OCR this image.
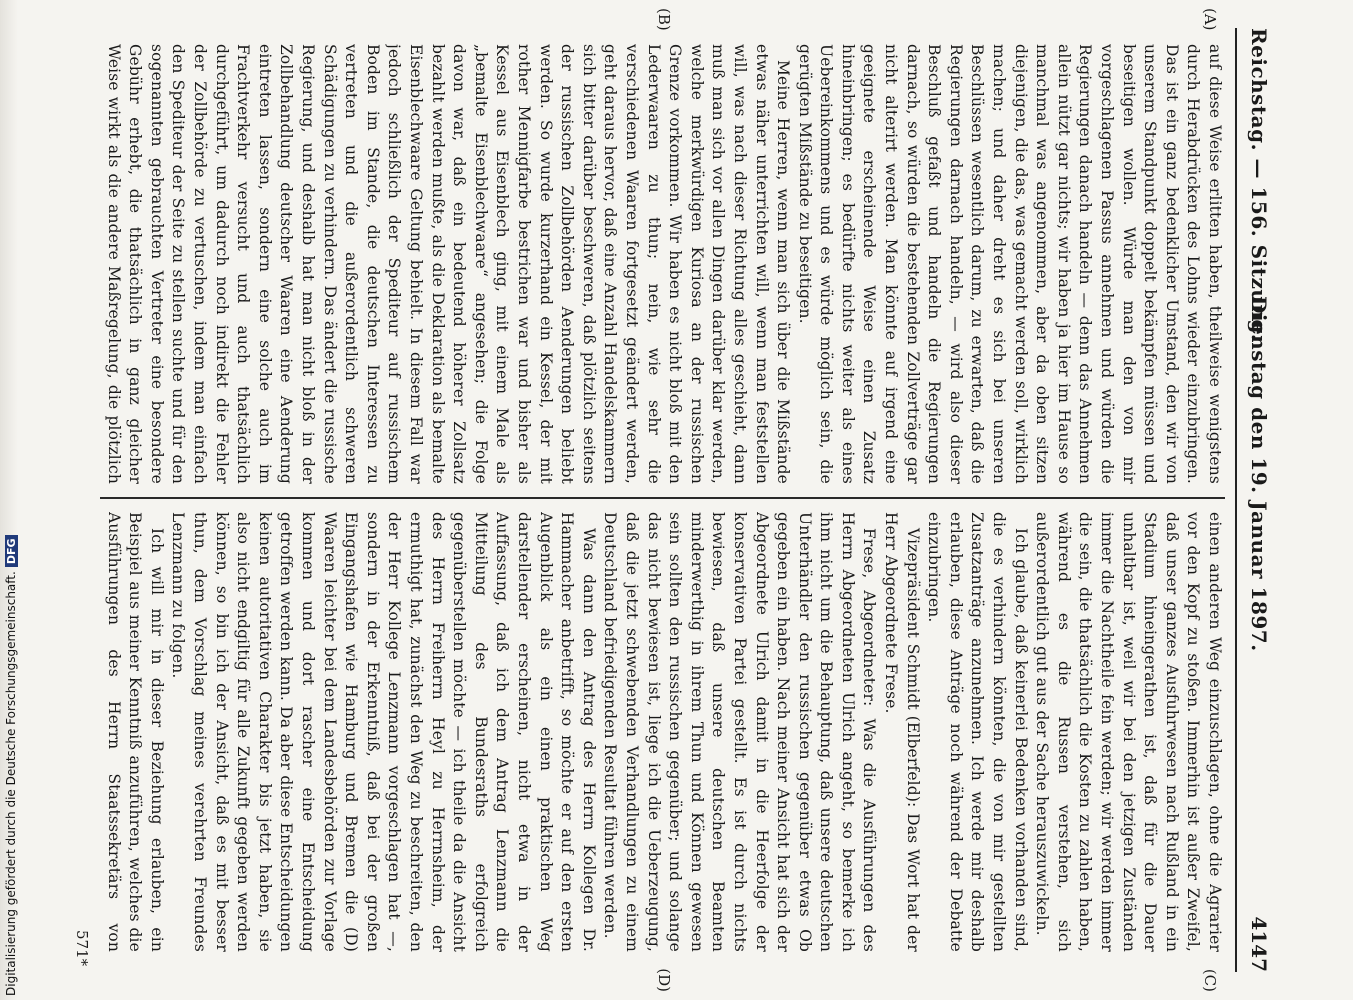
Reichstag. — 156. Sitzung.
Dienstag den 19. Januar 1897.
4147
(A)
(B)
(C)
(D)

auf diese Weise erlitten haben, theilweise wenigstens durch Herabdrücken des Lohns wieder einzubringen. Das ist ein ganz bedenklicher Umstand, den wir von unserem Standpunkt doppelt bekämpfen müssen und beseitigen wollen. Würde man den von mir vorgeschlagenen Passus annehmen und würden die Regierungen danach handeln — denn das Annehmen allein nützt gar nichts; wir haben ja hier im Hause so manchmal was angenommen, aber da oben sitzen diejenigen, die das, was gemacht werden soll, wirklich machen; und daher dreht es sich bei unseren Beschlüssen wesentlich darum, zu erwarten, daß die Regierungen darnach handeln, — wird also dieser Beschluß gefaßt und handeln die Regierungen darnach, so würden die bestehenden Zollverträge gar nicht alterirt werden. Man könnte auf irgend eine geeignete erscheinende Weise einen Zusatz hineinbringen; es bedürfte nichts weiter als eines Uebereinkommens und es würde möglich sein, die gerügten Mißstände zu beseitigen.

Meine Herren, wenn man sich über die Mißstände etwas näher unterrichten will, wenn man feststellen will, was nach dieser Richtung alles geschieht, dann muß man sich vor allen Dingen darüber klar werden, welche merkwürdigen Kuriosa an der russischen Grenze vorkommen. Wir haben es nicht bloß mit den Lederwaaren zu thun; nein, wie sehr die verschiedenen Waaren fortgesetzt geändert werden, geht daraus hervor, daß eine Anzahl Handelskammern sich bitter darüber beschweren, daß plötzlich seitens der russischen Zollbehörden Aenderungen beliebt werden. So wurde kurzerhand ein Kessel, der mit rother Mennigfarbe bestrichen war und bisher als Kessel aus Eisenblech ging, mit einem Male als „bemalte Eisenblechwaare“ angesehen; die Folge davon war, daß ein bedeutend höherer Zollsatz bezahlt werden mußte, als die Deklaration als bemalte Eisenblechwaare Geltung behielt. In diesem Fall war jedoch schließlich der Spediteur auf russischem Boden im Stande, die deutschen Interessen zu vertreten und die außerordentlich schweren Schädigungen zu verhindern. Das ändert die russische Regierung, und deshalb hat man nicht bloß in der Zollbehandlung deutscher Waaren eine Aenderung eintreten lassen, sondern eine solche auch im Frachtverkehr versucht und auch thatsächlich durchgeführt, um dadurch noch indirekt die Fehler der Zollbehörde zu vertuschen, indem man einfach den Spediteur der Seite zu stellen suchte und für den sogenannten gebrauchten Vertreter eine besondere Gebühr erhebt, die thatsächlich in ganz gleicher Weise wirkt als die andere Maßregelung, die plötzlich

einen anderen Weg einzuschlagen, ohne die Agrarier vor den Kopf zu stoßen. Immerhin ist außer Zweifel, daß unser ganzes Ausfuhrwesen nach Rußland in ein Stadium hineingerathen ist, daß für die Dauer unhaltbar ist, weil wir bei den jetzigen Zuständen immer die Nachtheile fein werden; wir werden immer die sein, die thatsächlich die Kosten zu zahlen haben, während es die Russen verstehen, sich außerordentlich gut aus der Sache herauszuwickeln.

Ich glaube, daß keinerlei Bedenken vorhanden sind, die es verhindern könnten, die von mir gestellten Zusatzanträge anzunehmen. Ich werde mir deshalb erlauben, diese Anträge noch während der Debatte einzubringen.

Vizepräsident Schmidt (Elberfeld): Das Wort hat der Herr Abgeordnete Frese.

Frese, Abgeordneter: Was die Ausführungen des Herrn Abgeordneten Ulrich angeht, so bemerke ich ihm nicht um die Behauptung, daß unsere deutschen Unterhändler den russischen gegenüber etwas Ob gegeben ein haben. Nach meiner Ansicht hat sich der Abgeordnete Ulrich damit in die Heerfolge der konservativen Partei gestellt. Es ist durch nichts bewiesen, daß unsere deutschen Beamten minderwerthig in ihrem Thun und Können gewesen sein sollten den russischen gegenüber; und solange das nicht bewiesen ist, liege ich die Ueberzeugung, daß die jetzt schwebenden Verhandlungen zu einem Deutschland befriedigenden Resultat führen werden.

Was dann den Antrag des Herrn Kollegen Dr. Hammacher anbetrifft, so möchte er auf den ersten Augenblick als ein einen praktischen Weg darstellender erscheinen, nicht etwa in der Auffassung, daß ich dem Antrag Lenzmann die Mitteilung des Bundesraths erfolgreich gegenüberstellen möchte — ich theile da die Ansicht des Herrn Freiherrn Heyl zu Herrnsheim, der ermuthigt hat, zunächst den Weg zu beschreiten, den der Herr Kollege Lenzmann vorgeschlagen hat —, sondern in der Erkenntniß, daß bei der großen Eingangshafen wie Hamburg und Bremen die (D) Waaren leichter bei dem Landesbehörden zur Vorlage kommen und dort rascher eine Entscheidung getroffen werden kann. Da aber diese Entscheidungen keinen autoritativen Charakter bis jetzt haben, sie also nicht endgiltig für alle Zukunft gegeben werden können, so bin ich der Ansicht, daß es mit besser thun, dem Vorschlag meines verehrten Freundes Lenzmann zu folgen.

Ich will mir in dieser Beziehung erlauben, ein Beispiel aus meiner Kenntniß anzuführen, welches die Ausführungen des Herrn Staatssekretärs von

571*
Digitalisierung gefördert durch die Deutsche Forschungsgemeinschaft.DFG
